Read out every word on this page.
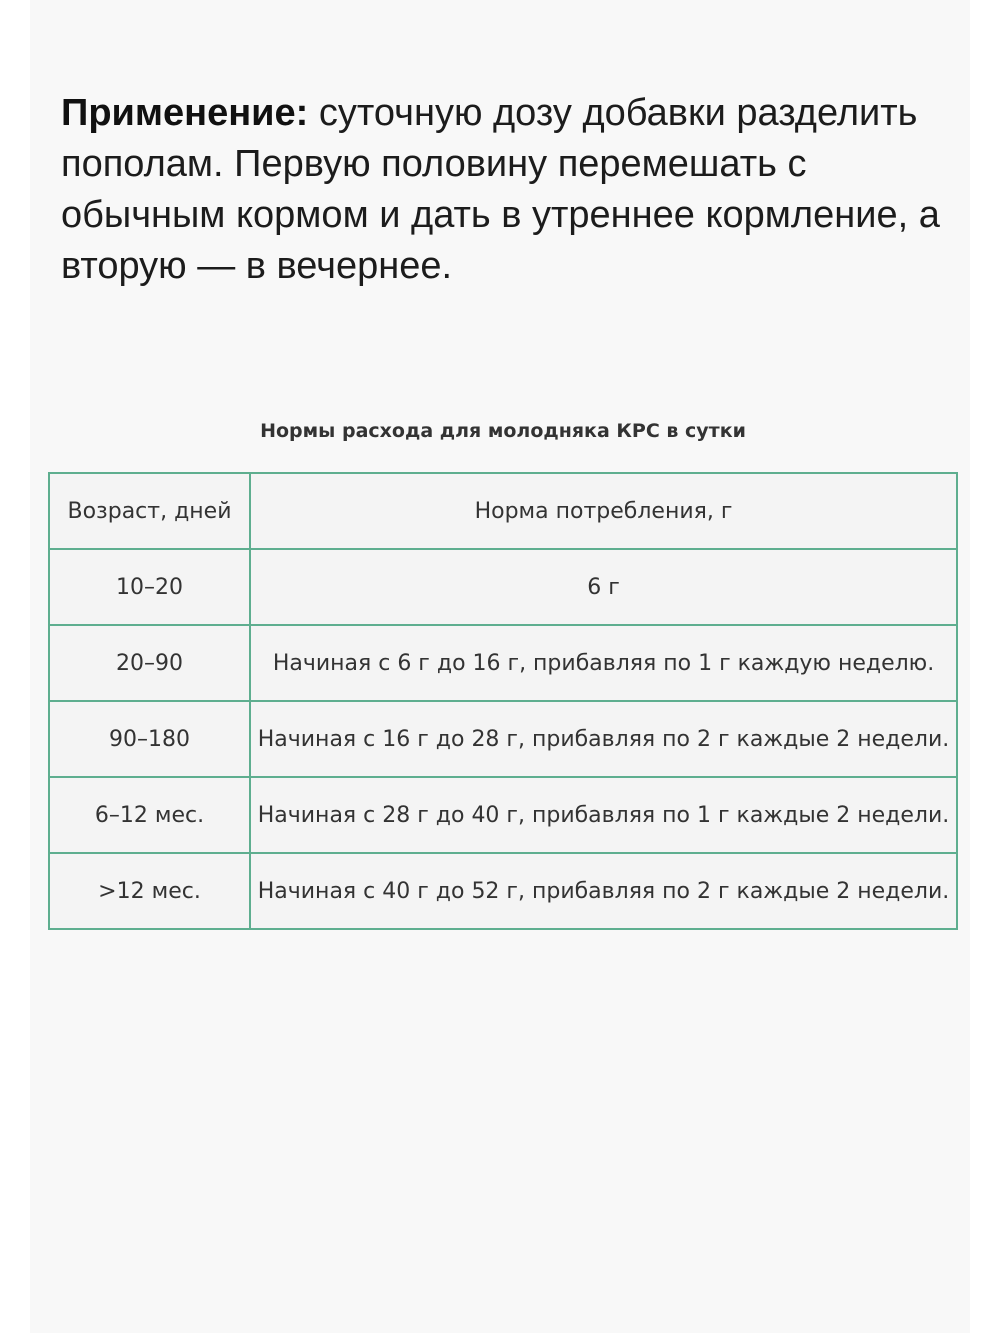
Применение: суточную дозу добавки разделить пополам. Первую половину перемешать с обычным кормом и дать в утреннее кормление, а вторую — в вечернее.

Нормы расхода для молодняка КРС в сутки
Возраст, дней	Норма потребления, г
10–20	6 г
20–90	Начиная с 6 г до 16 г, прибавляя по 1 г каждую неделю.
90–180	Начиная с 16 г до 28 г, прибавляя по 2 г каждые 2 недели.
6–12 мес.	Начиная с 28 г до 40 г, прибавляя по 1 г каждые 2 недели.
>12 мес.	Начиная с 40 г до 52 г, прибавляя по 2 г каждые 2 недели.
